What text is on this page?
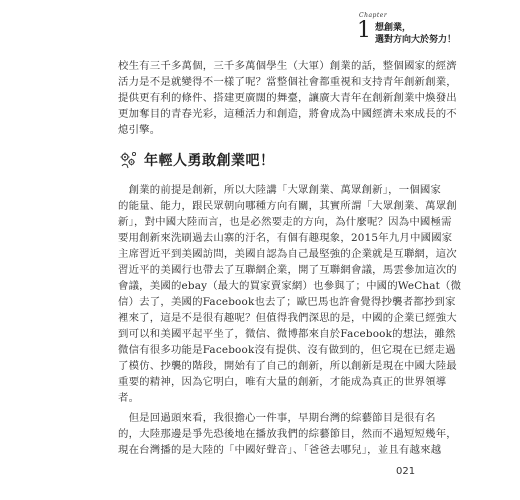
Chapter
1 想創業，
選對方向大於努力！
校生有三千多萬個，三千多萬個學生（大軍）創業的話，整個國家的經濟
活力是不是就變得不一樣了呢？當整個社會都重視和支持青年創新創業，
提供更有利的條件、搭建更廣闊的舞臺，讓廣大青年在創新創業中煥發出
更加奪目的青春光彩，這種活力和創造，將會成為中國經濟未來成長的不
熄引擎。
年輕人勇敢創業吧！
　創業的前提是創新，所以大陸講「大眾創業、萬眾創新」，一個國家
的能量、能力，跟民眾朝向哪種方向有關，其實所謂「大眾創業、萬眾創
新」，對中國大陸而言，也是必然要走的方向，為什麼呢？因為中國極需
要用創新來洗刷過去山寨的汙名，有個有趣現象，2015年九月中國國家
主席習近平到美國訪問，美國自認為自己最堅強的企業就是互聯網，這次
習近平的美國行也帶去了互聯網企業，開了互聯網會議，馬雲參加這次的
會議，美國的ebay（最大的買家賣家網）也參與了；中國的WeChat（微
信）去了，美國的Facebook也去了；歐巴馬也許會覺得抄襲者都抄到家
裡來了，這是不是很有趣呢？但值得我們深思的是，中國的企業已經強大
到可以和美國平起平坐了，微信、微博都來自於Facebook的想法，雖然
微信有很多功能是Facebook沒有提供、沒有做到的，但它現在已經走過
了模仿、抄襲的階段，開始有了自己的創新，所以創新是現在中國大陸最
重要的精神，因為它明白，唯有大量的創新，才能成為真正的世界領導
者。
　但是回過頭來看，我很擔心一件事，早期台灣的綜藝節目是很有名
的，大陸那邊是爭先恐後地在播放我們的綜藝節目，然而不過短短幾年，
現在台灣播的是大陸的「中國好聲音」、「爸爸去哪兒」，並且有越來越
021
